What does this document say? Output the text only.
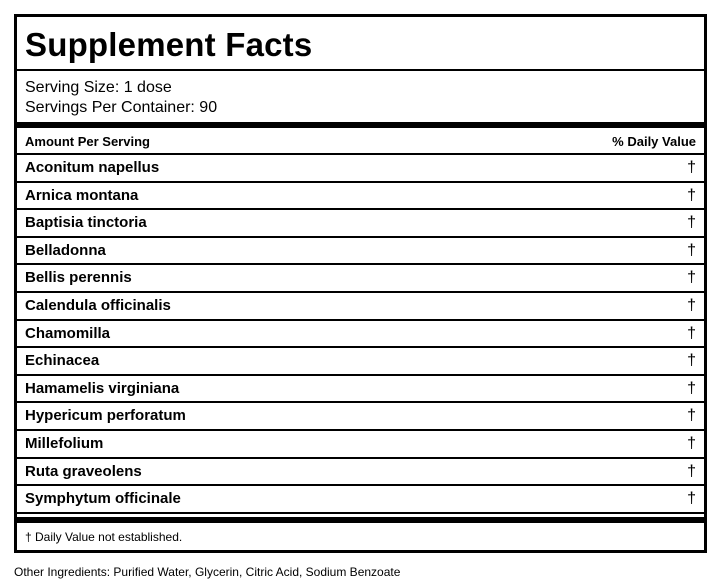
Supplement Facts
Serving Size: 1 dose
Servings Per Container: 90
Amount Per Serving	% Daily Value
Aconitum napellus	†
Arnica montana	†
Baptisia tinctoria	†
Belladonna	†
Bellis perennis	†
Calendula officinalis	†
Chamomilla	†
Echinacea	†
Hamamelis virginiana	†
Hypericum perforatum	†
Millefolium	†
Ruta graveolens	†
Symphytum officinale	†
† Daily Value not established.
Other Ingredients: Purified Water, Glycerin, Citric Acid, Sodium Benzoate
